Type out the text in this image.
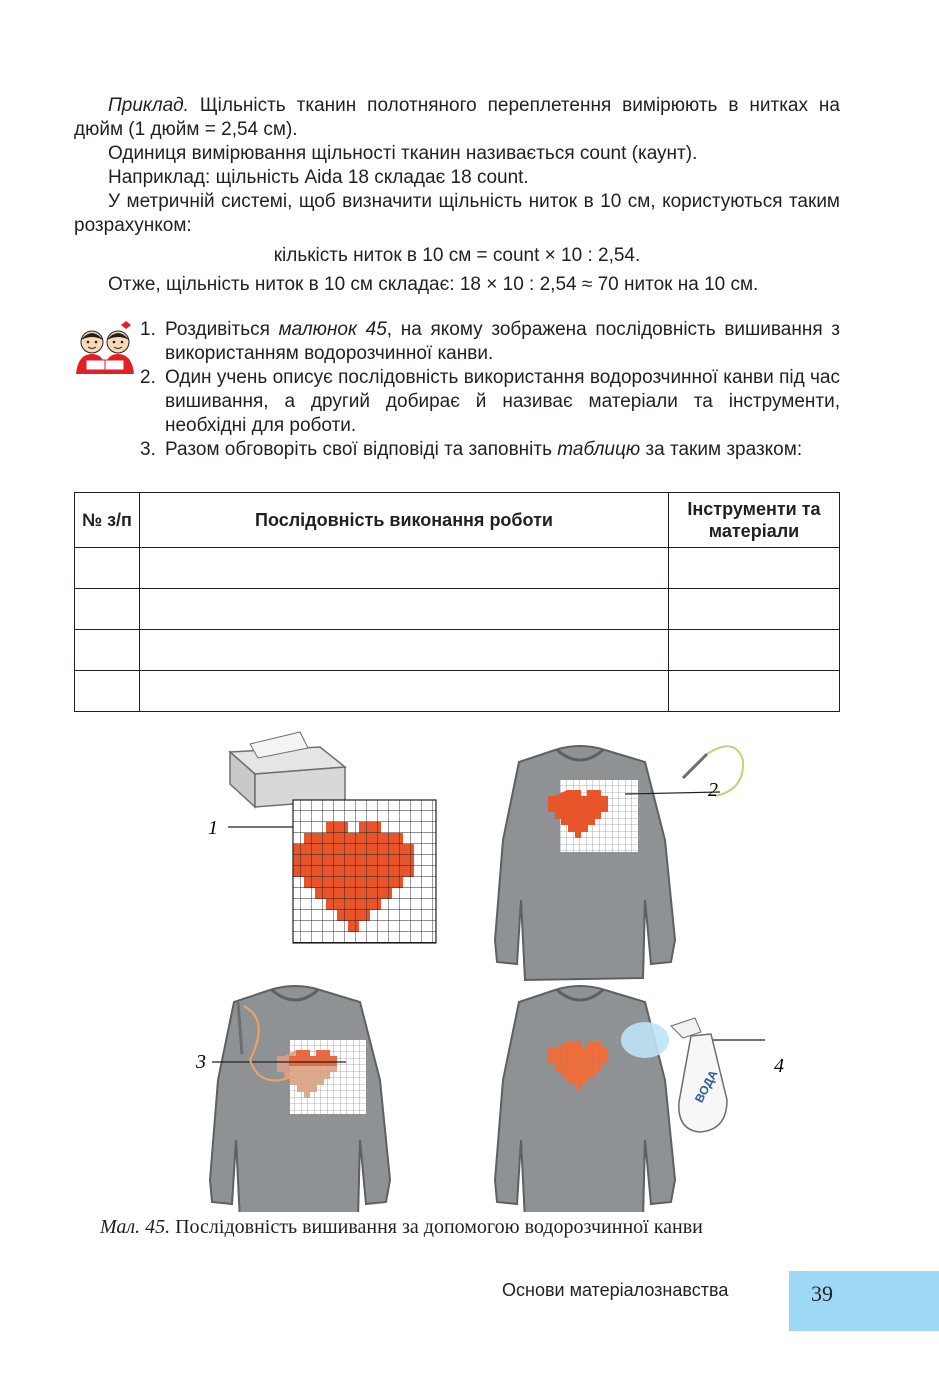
Приклад. Щільність тканин полотняного переплетення вимірюють в нитках на дюйм (1 дюйм = 2,54 см).

Одиниця вимірювання щільності тканин називається count (каунт).

Наприклад: щільність Aida 18 складає 18 count.

У метричній системі, щоб визначити щільність ниток в 10 см, користуються таким розрахунком:

кількість ниток в 10 см = count × 10 : 2,54.

Отже, щільність ниток в 10 см складає: 18 × 10 : 2,54 ≈ 70 ниток на 10 см.

1. Роздивіться малюнок 45, на якому зображена послідовність вишивання з використанням водорозчинної канви.
2. Один учень описує послідовність використання водорозчинної канви під час вишивання, а другий добирає й називає матеріали та інструменти, необхідні для роботи.
3. Разом обговоріть свої відповіді та заповніть таблицю за таким зразком:
№ з/п	Послідовність виконання роботи	Інструменти та матеріали

ВОДА
1
2
3	4
Мал. 45. Послідовність вишивання за допомогою водорозчинної канви
Основи матеріалознавства	39
